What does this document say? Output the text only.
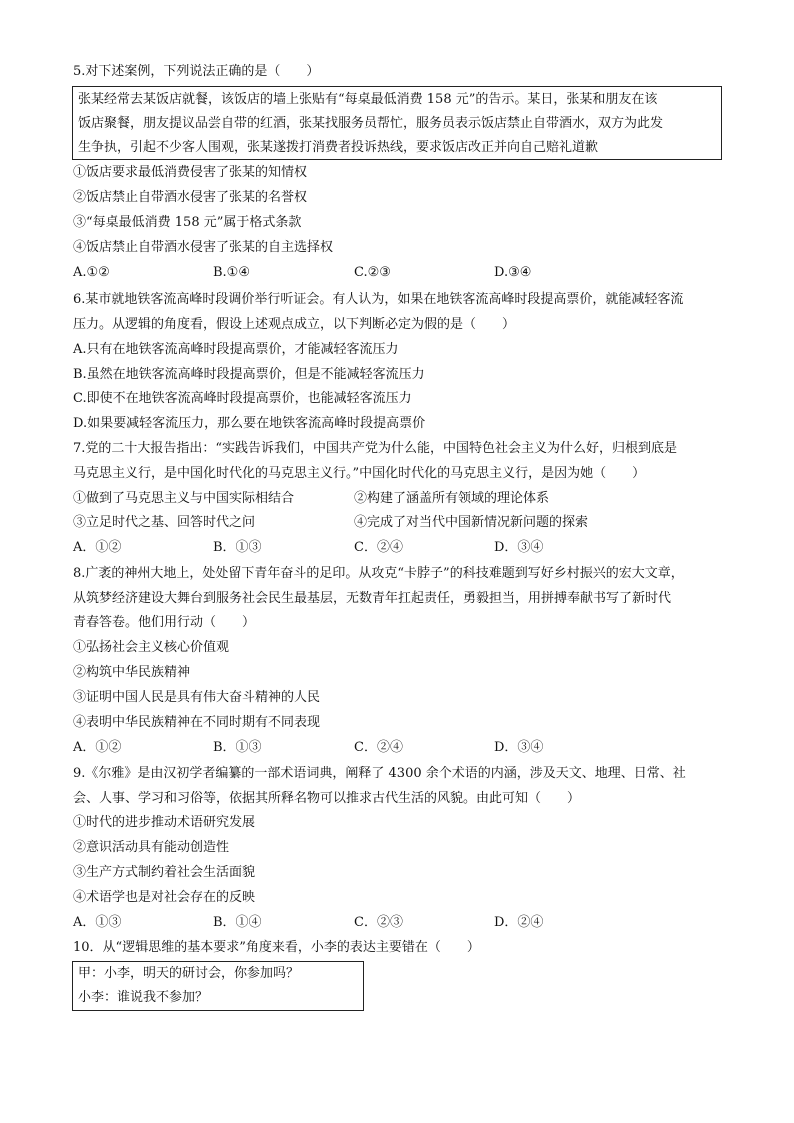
5.对下述案例，下列说法正确的是（　　）
张某经常去某饭店就餐，该饭店的墙上张贴有“每桌最低消费 158 元”的告示。某日，张某和朋友在该
饭店聚餐，朋友提议品尝自带的红酒，张某找服务员帮忙，服务员表示饭店禁止自带酒水，双方为此发
生争执，引起不少客人围观，张某遂拨打消费者投诉热线，要求饭店改正并向自己赔礼道歉
①饭店要求最低消费侵害了张某的知情权
②饭店禁止自带酒水侵害了张某的名誉权
③“每桌最低消费 158 元”属于格式条款
④饭店禁止自带酒水侵害了张某的自主选择权
A.①②	B.①④	C.②③	D.③④
6.某市就地铁客流高峰时段调价举行听证会。有人认为，如果在地铁客流高峰时段提高票价，就能减轻客流
压力。从逻辑的角度看，假设上述观点成立，以下判断必定为假的是（　　）
A.只有在地铁客流高峰时段提高票价，才能减轻客流压力
B.虽然在地铁客流高峰时段提高票价，但是不能减轻客流压力
C.即使不在地铁客流高峰时段提高票价，也能减轻客流压力
D.如果要减轻客流压力，那么要在地铁客流高峰时段提高票价
7.党的二十大报告指出：“实践告诉我们，中国共产党为什么能，中国特色社会主义为什么好，归根到底是
马克思主义行，是中国化时代化的马克思主义行。”中国化时代化的马克思主义行，是因为她（　　）
①做到了马克思主义与中国实际相结合	②构建了涵盖所有领域的理论体系
③立足时代之基、回答时代之问	④完成了对当代中国新情况新问题的探索
A．①②	B．①③	C．②④	D．③④
8.广袤的神州大地上，处处留下青年奋斗的足印。从攻克“卡脖子”的科技难题到写好乡村振兴的宏大文章，
从筑梦经济建设大舞台到服务社会民生最基层，无数青年扛起责任，勇毅担当，用拼搏奉献书写了新时代
青春答卷。他们用行动（　　）
①弘扬社会主义核心价值观
②构筑中华民族精神
③证明中国人民是具有伟大奋斗精神的人民
④表明中华民族精神在不同时期有不同表现
A．①②	B．①③	C．②④	D．③④
9.《尔雅》是由汉初学者编纂的一部术语词典，阐释了 4300 余个术语的内涵，涉及天文、地理、日常、社
会、人事、学习和习俗等，依据其所释名物可以推求古代生活的风貌。由此可知（　　）
①时代的进步推动术语研究发展
②意识活动具有能动创造性
③生产方式制约着社会生活面貌
④术语学也是对社会存在的反映
A．①③	B．①④	C．②③	D．②④
10．从“逻辑思维的基本要求”角度来看，小李的表达主要错在（　　）
甲：小李，明天的研讨会，你参加吗？
小李：谁说我不参加？
